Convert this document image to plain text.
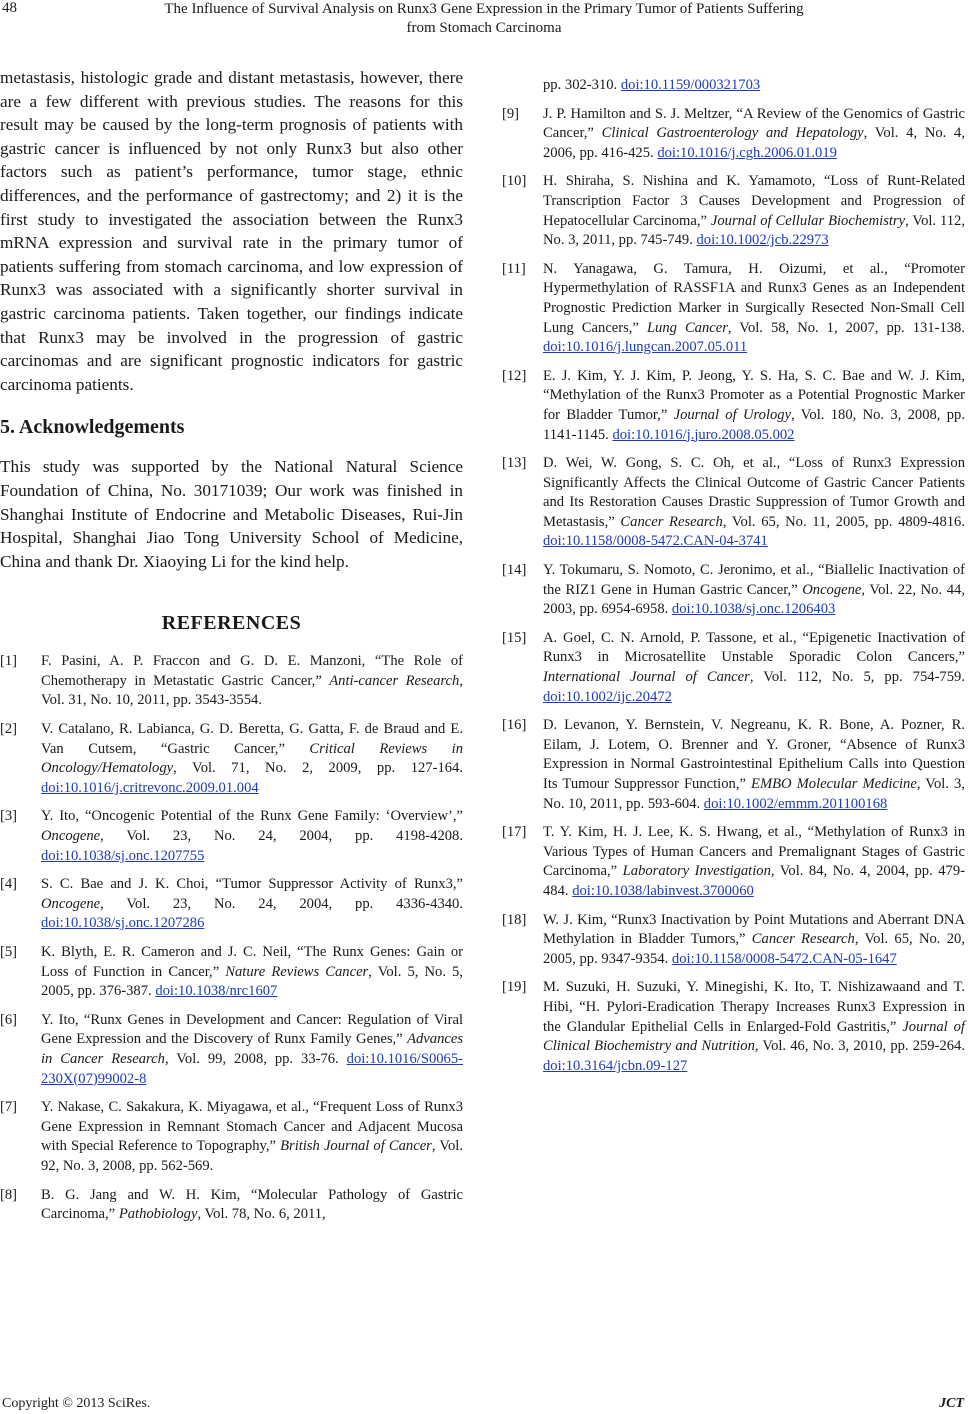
48	The Influence of Survival Analysis on Runx3 Gene Expression in the Primary Tumor of Patients Suffering
from Stomach Carcinoma

metastasis, histologic grade and distant metastasis, however, there are a few different with previous studies. The reasons for this result may be caused by the long-term prognosis of patients with gastric cancer is influenced by not only Runx3 but also other factors such as patient’s performance, tumor stage, ethnic differences, and the performance of gastrectomy; and 2) it is the first study to investigated the association between the Runx3 mRNA expression and survival rate in the primary tumor of patients suffering from stomach carcinoma, and low expression of Runx3 was associated with a significantly shorter survival in gastric carcinoma patients. Taken together, our findings indicate that Runx3 may be involved in the progression of gastric carcinomas and are significant prognostic indicators for gastric carcinoma patients.

5. Acknowledgements

This study was supported by the National Natural Science Foundation of China, No. 30171039; Our work was finished in Shanghai Institute of Endocrine and Metabolic Diseases, Rui-Jin Hospital, Shanghai Jiao Tong University School of Medicine, China and thank Dr. Xiaoying Li for the kind help.

REFERENCES
[1] F. Pasini, A. P. Fraccon and G. D. E. Manzoni, “The Role of Chemotherapy in Metastatic Gastric Cancer,” Anti-cancer Research, Vol. 31, No. 10, 2011, pp. 3543-3554.
[2] V. Catalano, R. Labianca, G. D. Beretta, G. Gatta, F. de Braud and E. Van Cutsem, “Gastric Cancer,” Critical Reviews in Oncology/Hematology, Vol. 71, No. 2, 2009, pp. 127-164. doi:10.1016/j.critrevonc.2009.01.004
[3] Y. Ito, “Oncogenic Potential of the Runx Gene Family: ‘Overview’,” Oncogene, Vol. 23, No. 24, 2004, pp. 4198-4208. doi:10.1038/sj.onc.1207755
[4] S. C. Bae and J. K. Choi, “Tumor Suppressor Activity of Runx3,” Oncogene, Vol. 23, No. 24, 2004, pp. 4336-4340. doi:10.1038/sj.onc.1207286
[5] K. Blyth, E. R. Cameron and J. C. Neil, “The Runx Genes: Gain or Loss of Function in Cancer,” Nature Reviews Cancer, Vol. 5, No. 5, 2005, pp. 376-387. doi:10.1038/nrc1607
[6] Y. Ito, “Runx Genes in Development and Cancer: Regulation of Viral Gene Expression and the Discovery of Runx Family Genes,” Advances in Cancer Research, Vol. 99, 2008, pp. 33-76. doi:10.1016/S0065-230X(07)99002-8
[7] Y. Nakase, C. Sakakura, K. Miyagawa, et al., “Frequent Loss of Runx3 Gene Expression in Remnant Stomach Cancer and Adjacent Mucosa with Special Reference to Topography,” British Journal of Cancer, Vol. 92, No. 3, 2008, pp. 562-569.
[8] B. G. Jang and W. H. Kim, “Molecular Pathology of Gastric Carcinoma,” Pathobiology, Vol. 78, No. 6, 2011,
pp. 302-310. doi:10.1159/000321703
[9] J. P. Hamilton and S. J. Meltzer, “A Review of the Genomics of Gastric Cancer,” Clinical Gastroenterology and Hepatology, Vol. 4, No. 4, 2006, pp. 416-425. doi:10.1016/j.cgh.2006.01.019
[10] H. Shiraha, S. Nishina and K. Yamamoto, “Loss of Runt-Related Transcription Factor 3 Causes Development and Progression of Hepatocellular Carcinoma,” Journal of Cellular Biochemistry, Vol. 112, No. 3, 2011, pp. 745-749. doi:10.1002/jcb.22973
[11] N. Yanagawa, G. Tamura, H. Oizumi, et al., “Promoter Hypermethylation of RASSF1A and Runx3 Genes as an Independent Prognostic Prediction Marker in Surgically Resected Non-Small Cell Lung Cancers,” Lung Cancer, Vol. 58, No. 1, 2007, pp. 131-138. doi:10.1016/j.lungcan.2007.05.011
[12] E. J. Kim, Y. J. Kim, P. Jeong, Y. S. Ha, S. C. Bae and W. J. Kim, “Methylation of the Runx3 Promoter as a Potential Prognostic Marker for Bladder Tumor,” Journal of Urology, Vol. 180, No. 3, 2008, pp. 1141-1145. doi:10.1016/j.juro.2008.05.002
[13] D. Wei, W. Gong, S. C. Oh, et al., “Loss of Runx3 Expression Significantly Affects the Clinical Outcome of Gastric Cancer Patients and Its Restoration Causes Drastic Suppression of Tumor Growth and Metastasis,” Cancer Research, Vol. 65, No. 11, 2005, pp. 4809-4816. doi:10.1158/0008-5472.CAN-04-3741
[14] Y. Tokumaru, S. Nomoto, C. Jeronimo, et al., “Biallelic Inactivation of the RIZ1 Gene in Human Gastric Cancer,” Oncogene, Vol. 22, No. 44, 2003, pp. 6954-6958. doi:10.1038/sj.onc.1206403
[15] A. Goel, C. N. Arnold, P. Tassone, et al., “Epigenetic Inactivation of Runx3 in Microsatellite Unstable Sporadic Colon Cancers,” International Journal of Cancer, Vol. 112, No. 5, pp. 754-759. doi:10.1002/ijc.20472
[16] D. Levanon, Y. Bernstein, V. Negreanu, K. R. Bone, A. Pozner, R. Eilam, J. Lotem, O. Brenner and Y. Groner, “Absence of Runx3 Expression in Normal Gastrointestinal Epithelium Calls into Question Its Tumour Suppressor Function,” EMBO Molecular Medicine, Vol. 3, No. 10, 2011, pp. 593-604. doi:10.1002/emmm.201100168
[17] T. Y. Kim, H. J. Lee, K. S. Hwang, et al., “Methylation of Runx3 in Various Types of Human Cancers and Premalignant Stages of Gastric Carcinoma,” Laboratory Investigation, Vol. 84, No. 4, 2004, pp. 479-484. doi:10.1038/labinvest.3700060
[18] W. J. Kim, “Runx3 Inactivation by Point Mutations and Aberrant DNA Methylation in Bladder Tumors,” Cancer Research, Vol. 65, No. 20, 2005, pp. 9347-9354. doi:10.1158/0008-5472.CAN-05-1647
[19] M. Suzuki, H. Suzuki, Y. Minegishi, K. Ito, T. Nishizawaand and T. Hibi, “H. Pylori-Eradication Therapy Increases Runx3 Expression in the Glandular Epithelial Cells in Enlarged-Fold Gastritis,” Journal of Clinical Biochemistry and Nutrition, Vol. 46, No. 3, 2010, pp. 259-264. doi:10.3164/jcbn.09-127
Copyright © 2013 SciRes.	JCT
